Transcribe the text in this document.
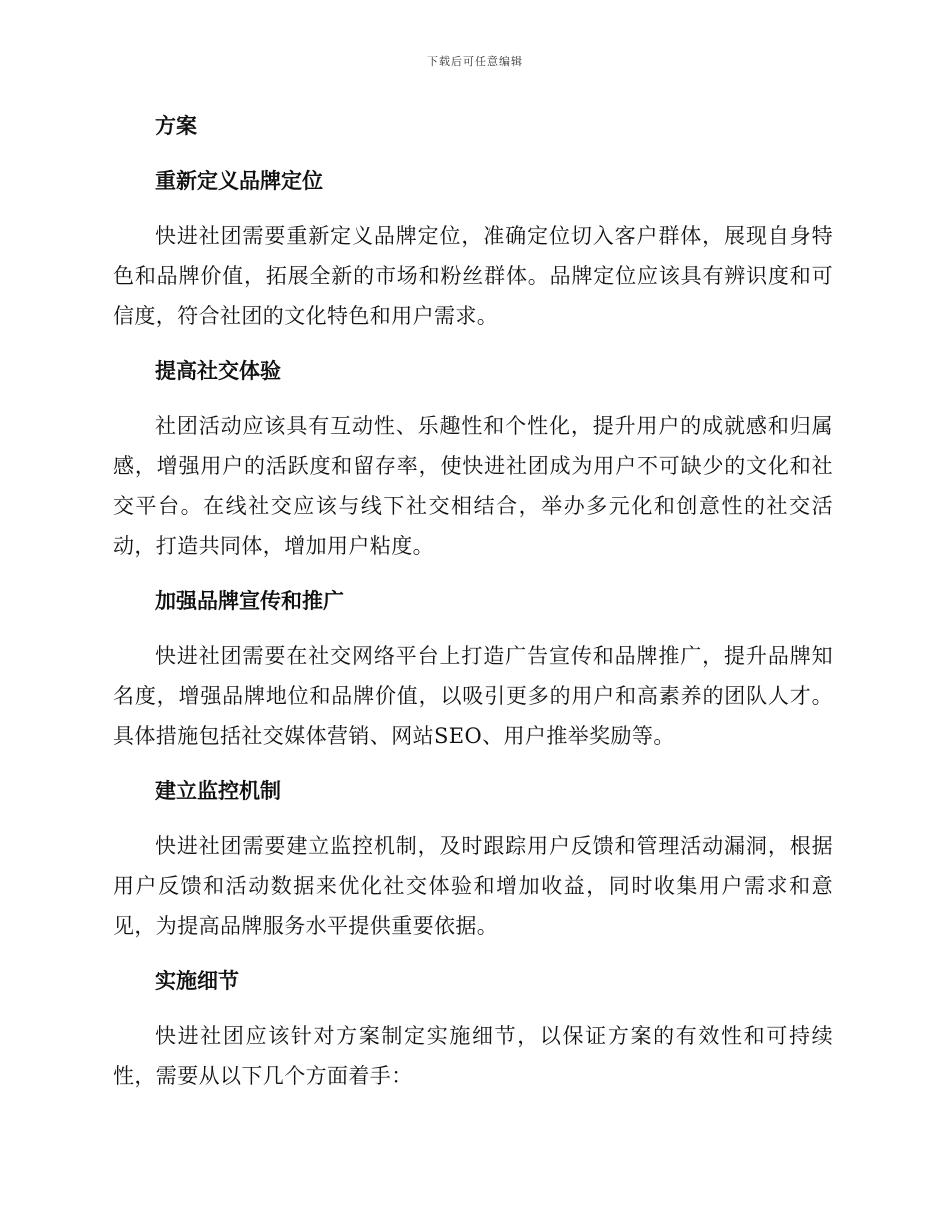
下载后可任意编辑
方案
重新定义品牌定位

快进社团需要重新定义品牌定位，准确定位切入客户群体，展现自身特色和品牌价值，拓展全新的市场和粉丝群体。品牌定位应该具有辨识度和可信度，符合社团的文化特色和用户需求。

提高社交体验

社团活动应该具有互动性、乐趣性和个性化，提升用户的成就感和归属感，增强用户的活跃度和留存率，使快进社团成为用户不可缺少的文化和社交平台。在线社交应该与线下社交相结合，举办多元化和创意性的社交活动，打造共同体，增加用户粘度。

加强品牌宣传和推广

快进社团需要在社交网络平台上打造广告宣传和品牌推广，提升品牌知名度，增强品牌地位和品牌价值，以吸引更多的用户和高素养的团队人才。具体措施包括社交媒体营销、网站SEO、用户推举奖励等。

建立监控机制

快进社团需要建立监控机制，及时跟踪用户反馈和管理活动漏洞，根据用户反馈和活动数据来优化社交体验和增加收益，同时收集用户需求和意见，为提高品牌服务水平提供重要依据。

实施细节

快进社团应该针对方案制定实施细节，以保证方案的有效性和可持续性，需要从以下几个方面着手：
